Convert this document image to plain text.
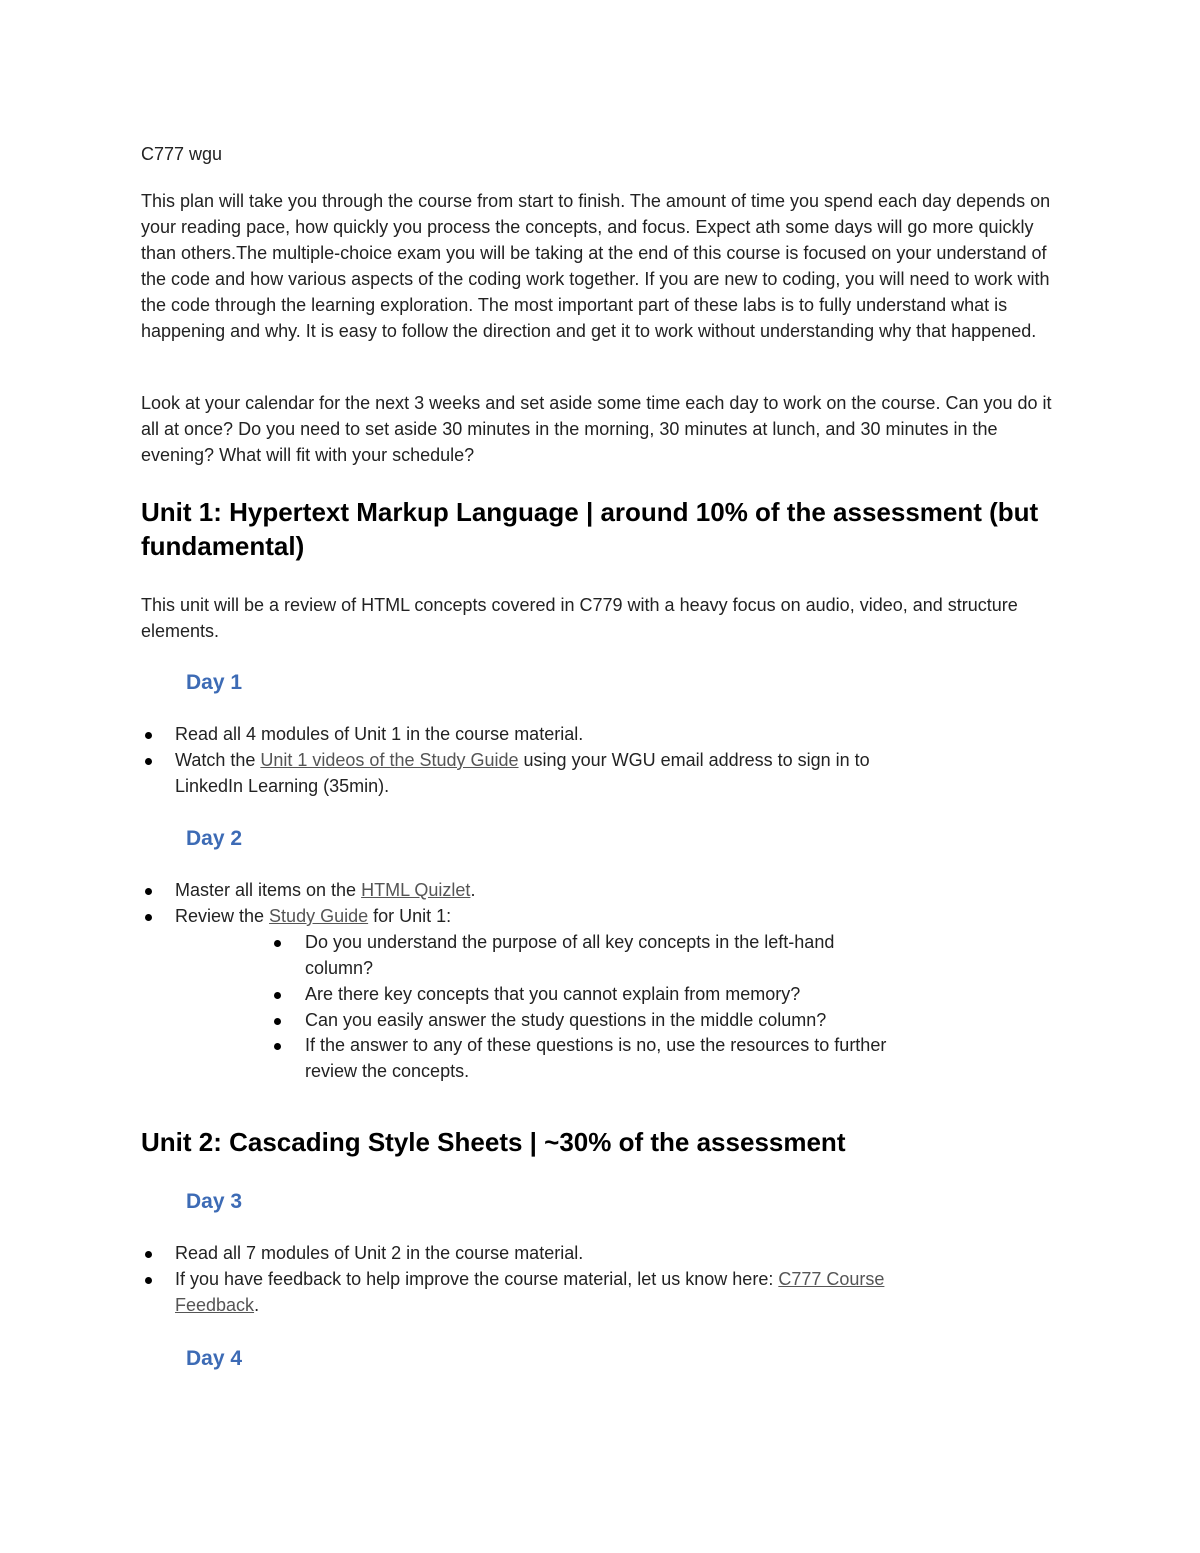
C777 wgu

This plan will take you through the course from start to finish. The amount of time you spend each day depends on your reading pace, how quickly you process the concepts, and focus. Expect ath some days will go more quickly than others.The multiple-choice exam you will be taking at the end of this course is focused on your understand of the code and how various aspects of the coding work together. If you are new to coding, you will need to work with the code through the learning exploration. The most important part of these labs is to fully understand what is happening and why. It is easy to follow the direction and get it to work without understanding why that happened.

Look at your calendar for the next 3 weeks and set aside some time each day to work on the course. Can you do it all at once? Do you need to set aside 30 minutes in the morning, 30 minutes at lunch, and 30 minutes in the evening? What will fit with your schedule?

Unit 1: Hypertext Markup Language | around 10% of the assessment (but fundamental)

This unit will be a review of HTML concepts covered in C779 with a heavy focus on audio, video, and structure elements.

Day 1
Read all 4 modules of Unit 1 in the course material.
Watch the Unit 1 videos of the Study Guide using your WGU email address to sign in to LinkedIn Learning (35min).
Day 2
Master all items on the HTML Quizlet.
Review the Study Guide for Unit 1:
Do you understand the purpose of all key concepts in the left-hand column?
Are there key concepts that you cannot explain from memory?
Can you easily answer the study questions in the middle column?
If the answer to any of these questions is no, use the resources to further review the concepts.
Unit 2: Cascading Style Sheets | ~30% of the assessment
Day 3
Read all 7 modules of Unit 2 in the course material.
If you have feedback to help improve the course material, let us know here: C777 Course Feedback.
Day 4
